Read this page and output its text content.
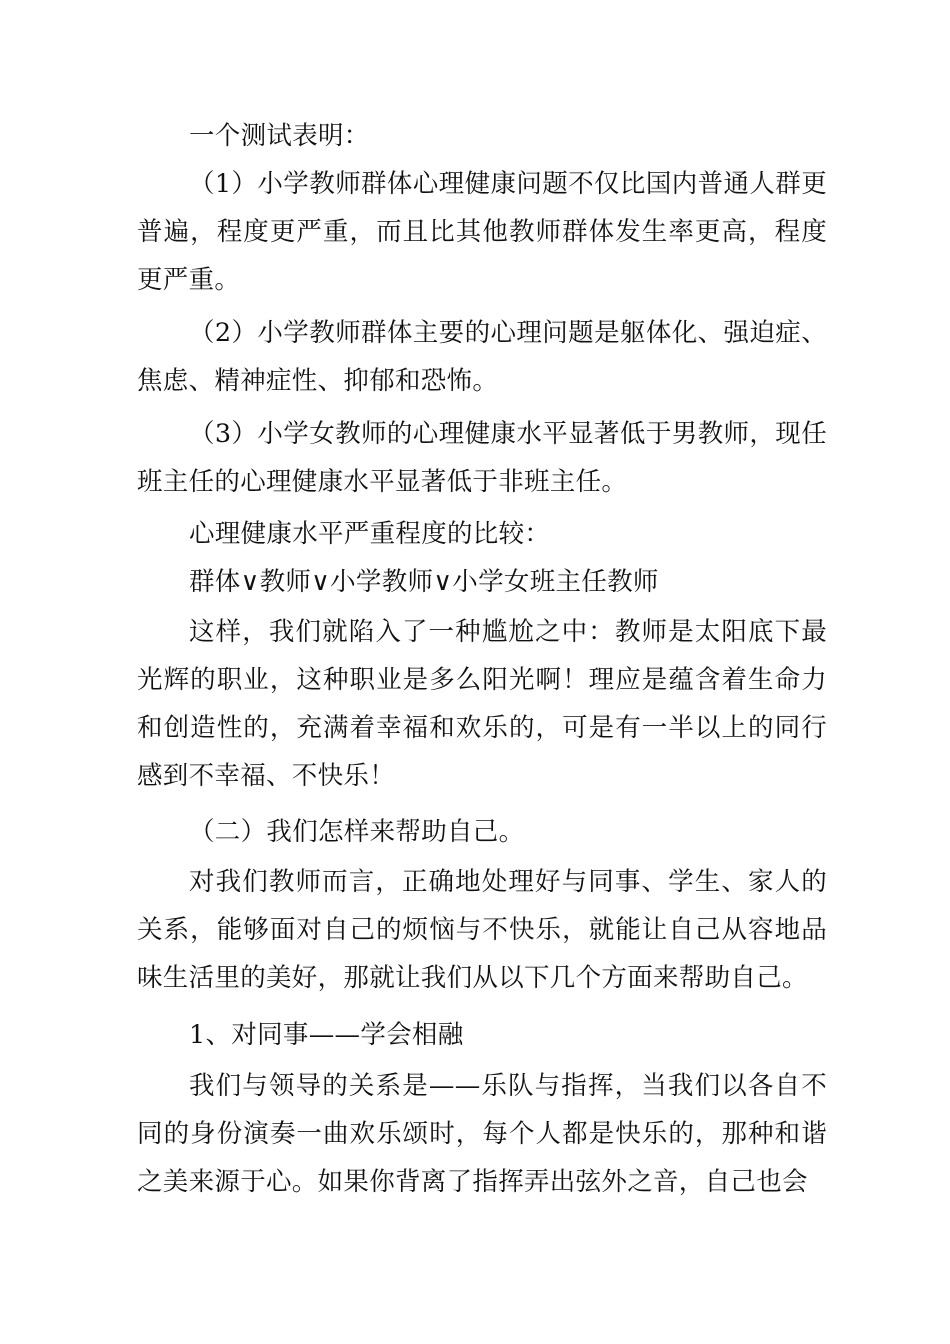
一个测试表明：

（1）小学教师群体心理健康问题不仅比国内普通人群更普遍，程度更严重，而且比其他教师群体发生率更高，程度更严重。

（2）小学教师群体主要的心理问题是躯体化、强迫症、焦虑、精神症性、抑郁和恐怖。

（3）小学女教师的心理健康水平显著低于男教师，现任班主任的心理健康水平显著低于非班主任。

心理健康水平严重程度的比较：

群体∨教师∨小学教师∨小学女班主任教师

这样，我们就陷入了一种尴尬之中：教师是太阳底下最光辉的职业，这种职业是多么阳光啊！理应是蕴含着生命力和创造性的，充满着幸福和欢乐的，可是有一半以上的同行感到不幸福、不快乐！

（二）我们怎样来帮助自己。

对我们教师而言，正确地处理好与同事、学生、家人的关系，能够面对自己的烦恼与不快乐，就能让自己从容地品味生活里的美好，那就让我们从以下几个方面来帮助自己。

1、对同事——学会相融

我们与领导的关系是——乐队与指挥，当我们以各自不同的身份演奏一曲欢乐颂时，每个人都是快乐的，那种和谐之美来源于心。如果你背离了指挥弄出弦外之音，自己也会
